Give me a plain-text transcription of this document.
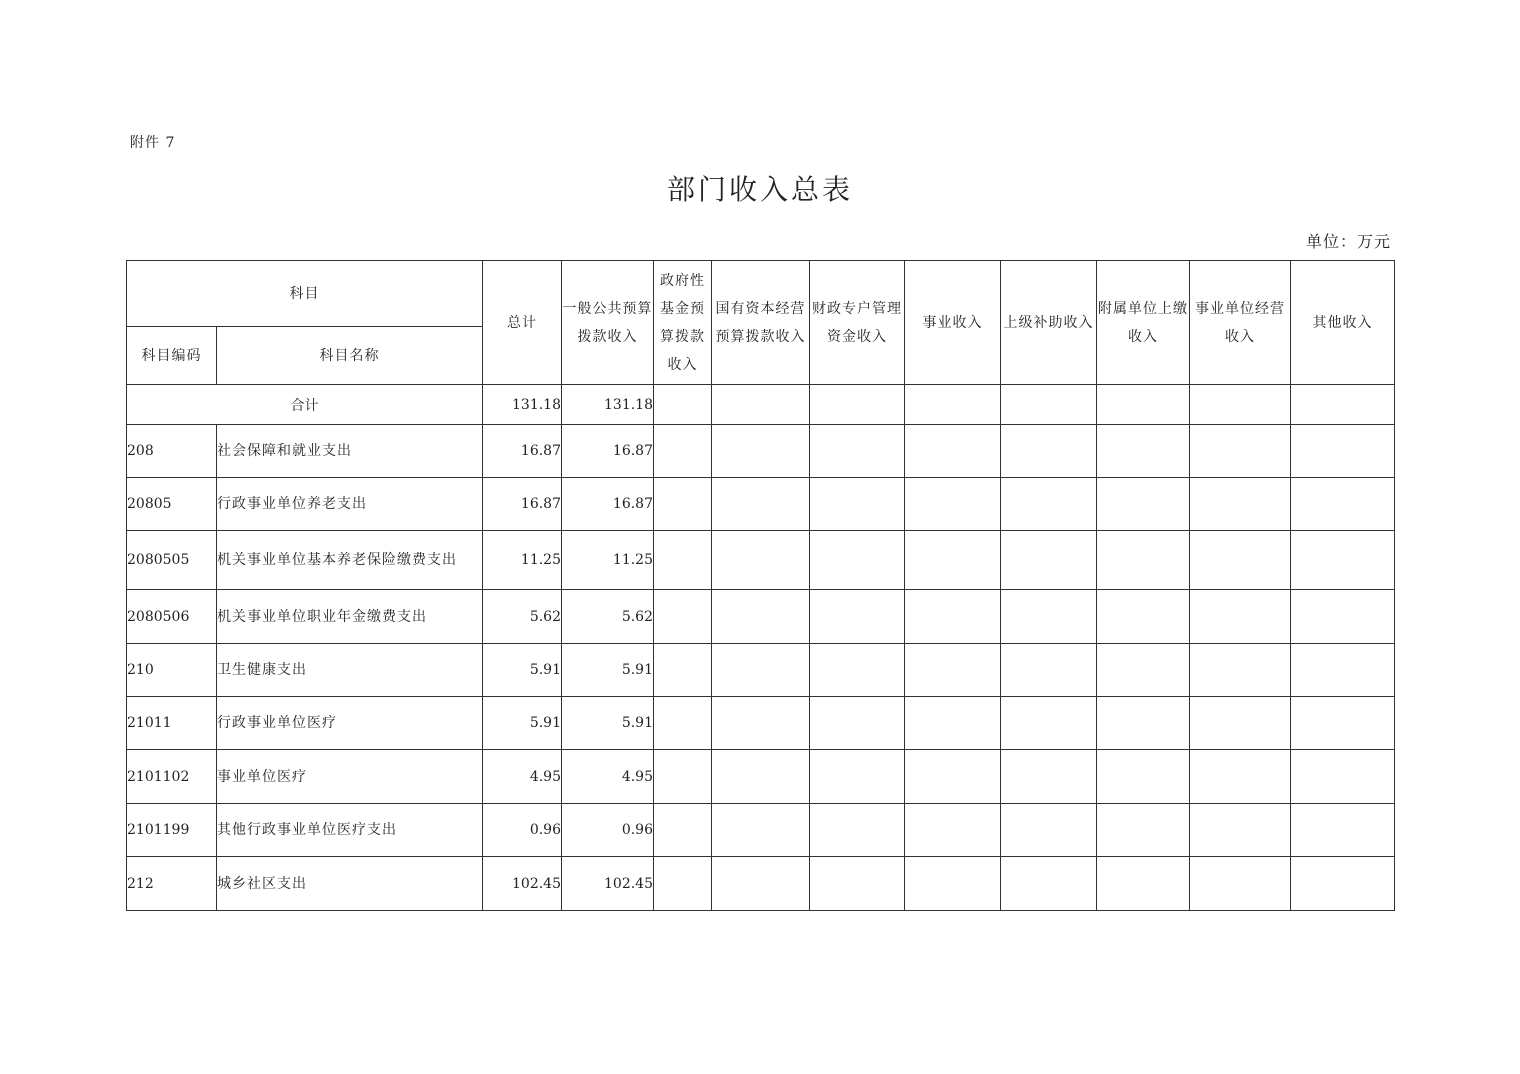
附件 7
部门收入总表
单位：万元
科目		总计	一般公共预算拨款收入	政府性基金预算拨款收入	国有资本经营预算拨款收入	财政专户管理资金收入	事业收入	上级补助收入	附属单位上缴收入	事业单位经营收入	其他收入
科目编码	科目名称										
合计		131.18	131.18								
208	社会保障和就业支出	16.87	16.87								
20805	行政事业单位养老支出	16.87	16.87								
2080505	机关事业单位基本养老保险缴费支出	11.25	11.25								
2080506	机关事业单位职业年金缴费支出	5.62	5.62								
210	卫生健康支出	5.91	5.91								
21011	行政事业单位医疗	5.91	5.91								
2101102	事业单位医疗	4.95	4.95								
2101199	其他行政事业单位医疗支出	0.96	0.96								
212	城乡社区支出	102.45	102.45								
